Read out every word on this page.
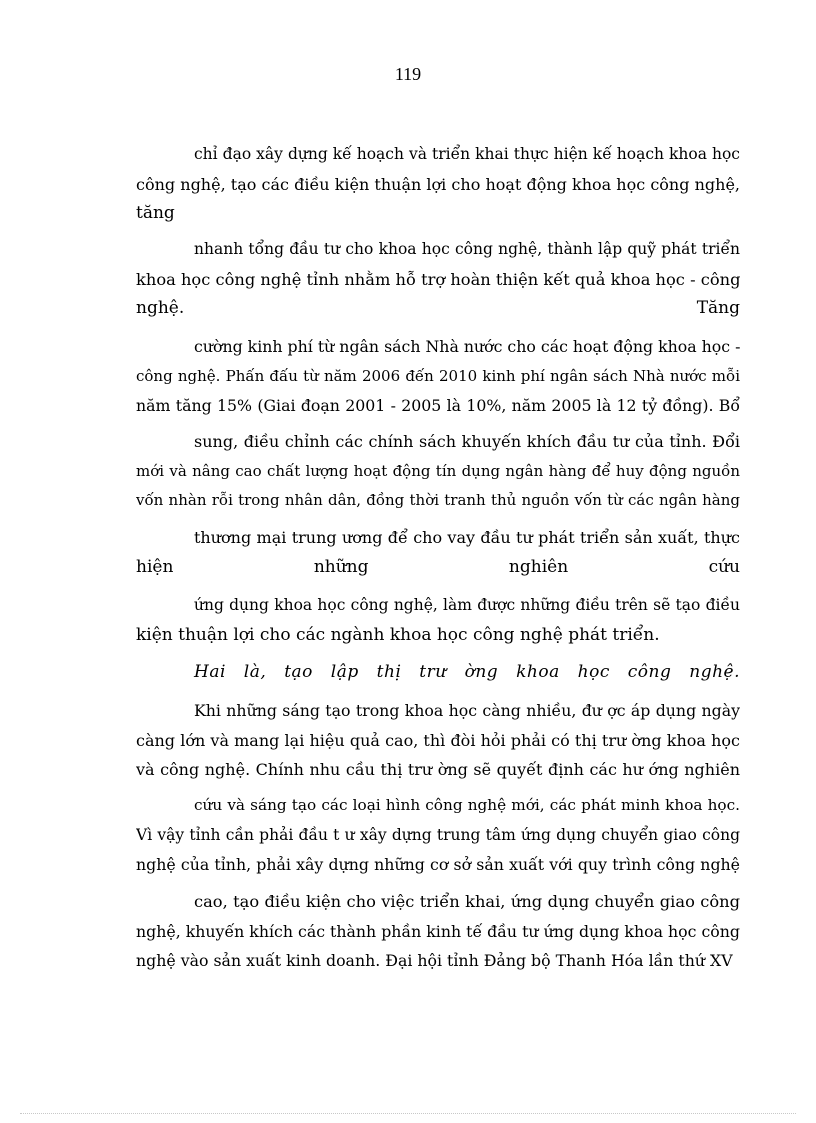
119
chỉ đạo xây dựng kế hoạch và triển khai thực hiện kế hoạch khoa học
công nghệ, tạo các điều kiện thuận lợi cho hoạt động khoa học công nghệ,
tăng
nhanh tổng đầu tư cho khoa học công nghệ, thành lập quỹ phát triển
khoa học công nghệ tỉnh nhằm hỗ trợ hoàn thiện kết quả khoa học - công
nghệ.	Tăng
cường kinh phí từ ngân sách Nhà nước cho các hoạt động khoa học -
công nghệ. Phấn đấu từ năm 2006 đến 2010 kinh phí ngân sách Nhà nước mỗi
năm tăng 15% (Giai đoạn 2001 - 2005 là 10%, năm 2005 là 12 tỷ đồng). Bổ
sung, điều chỉnh các chính sách khuyến khích đầu tư của tỉnh. Đổi
mới và nâng cao chất lượng hoạt động tín dụng ngân hàng để huy động nguồn
vốn nhàn rỗi trong nhân dân, đồng thời tranh thủ nguồn vốn từ các ngân hàng
thương mại trung ương để cho vay đầu tư phát triển sản xuất, thực
hiện những nghiên cứu
ứng dụng khoa học công nghệ, làm được những điều trên sẽ tạo điều
kiện thuận lợi cho các ngành khoa học công nghệ phát triển.
Hai là, tạo lập thị trư ờng khoa học công nghệ.
Khi những sáng tạo trong khoa học càng nhiều, đư ợc áp dụng ngày
càng lớn và mang lại hiệu quả cao, thì đòi hỏi phải có thị trư ờng khoa học
và công nghệ. Chính nhu cầu thị trư ờng sẽ quyết định các hư ớng nghiên
cứu và sáng tạo các loại hình công nghệ mới, các phát minh khoa học.
Vì vậy tỉnh cần phải đầu t ư xây dựng trung tâm ứng dụng chuyển giao công
nghệ của tỉnh, phải xây dựng những cơ sở sản xuất với quy trình công nghệ
cao, tạo điều kiện cho việc triển khai, ứng dụng chuyển giao công
nghệ, khuyến khích các thành phần kinh tế đầu tư ứng dụng khoa học công
nghệ vào sản xuất kinh doanh. Đại hội tỉnh Đảng bộ Thanh Hóa lần thứ XV
